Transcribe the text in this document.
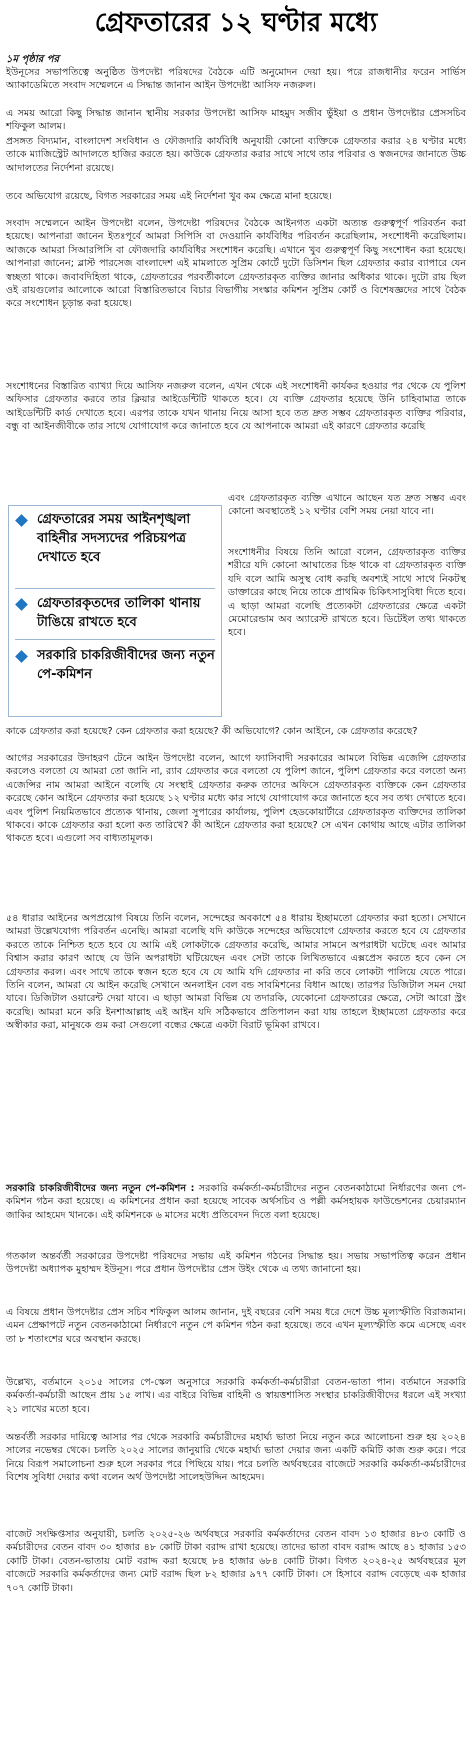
গ্রেফতারের ১২ ঘণ্টার মধ্যে
১ম পৃষ্ঠার পর

ইউনূসের সভাপতিত্বে অনুষ্ঠিত উপদেষ্টা পরিষদের বৈঠকে এটি অনুমোদন দেয়া হয়। পরে রাজধানীর ফরেন সার্ভিস অ্যাকাডেমিতে সংবাদ সম্মেলনে এ সিদ্ধান্ত জানান আইন উপদেষ্টা আসিফ নজরুল।

এ সময় আরো কিছু সিদ্ধান্ত জানান স্থানীয় সরকার উপদেষ্টা আসিফ মাহমুদ সজীব ভুঁইয়া ও প্রধান উপদেষ্টার প্রেসসচিব শফিকুল আলম।

প্রসঙ্গত বিদ্যমান, বাংলাদেশ সংবিধান ও ফৌজদারি কার্যবিধি অনুযায়ী কোনো ব্যক্তিকে গ্রেফতার করার ২৪ ঘণ্টার মধ্যে তাকে ম্যাজিস্ট্রেট আদালতে হাজির করতে হয়। কাউকে গ্রেফতার করার সাথে সাথে তার পরিবার ও স্বজনদের জানাতে উচ্চ আদালতের নির্দেশনা রয়েছে।

তবে অভিযোগ রয়েছে, বিগত সরকারের সময় এই নির্দেশনা খুব কম ক্ষেত্রে মানা হয়েছে।

সংবাদ সম্মেলনে আইন উপদেষ্টা বলেন, উপদেষ্টা পরিষদের বৈঠকে আইনগত একটা অত্যন্ত গুরুত্বপূর্ণ পরিবর্তন করা হয়েছে। আপনারা জানেন ইতঃপূর্বে আমরা সিপিসি বা দেওয়ানি কার্যবিধির পরিবর্তন করেছিলাম, সংশোধনী করেছিলাম। আজকে আমরা সিআরপিসি বা ফৌজদারি কার্যবিধির সংশোধন করেছি। এখানে খুব গুরুত্বপূর্ণ কিছু সংশোধন করা হয়েছে। আপনারা জানেন; ব্লাস্ট পারসেজ বাংলাদেশ এই মামলাতে সুপ্রিম কোর্টে দুটো ডিসিশন ছিল গ্রেফতার করার ব্যাপারে যেন স্বচ্ছতা থাকে। জবাবদিহিতা থাকে, গ্রেফতারের পরবর্তীকালে গ্রেফতারকৃত ব্যক্তির জানার অধিকার থাকে। দুটো রায় ছিল ওই রায়গুলোর আলোকে আরো বিস্তারিতভাবে বিচার বিভাগীয় সংস্কার কমিশন সুপ্রিম কোর্ট ও বিশেষজ্ঞদের সাথে বৈঠক করে সংশোধন চূড়ান্ত করা হয়েছে।

সংশোধনের বিস্তারিত ব্যাখ্যা দিয়ে আসিফ নজরুল বলেন, এখন থেকে এই সংশোধনী কার্যকর হওয়ার পর থেকে যে পুলিশ অফিসার গ্রেফতার করবে তার ক্লিয়ার আইডেন্টিটি থাকতে হবে। যে ব্যক্তি গ্রেফতার হয়েছে উনি চাহিবামাত্র তাকে আইডেন্টিটি কার্ড দেখাতে হবে। এরপর তাকে যখন থানায় নিয়ে আসা হবে তত দ্রুত সম্ভব গ্রেফতারকৃত ব্যক্তির পরিবার, বন্ধু বা আইনজীবীকে তার সাথে যোগাযোগ করে জানাতে হবে যে আপনাকে আমরা এই কারণে গ্রেফতার করেছি

গ্রেফতারের সময় আইনশৃঙ্খলা বাহিনীর সদস্যদের পরিচয়পত্র দেখাতে হবে
গ্রেফতারকৃতদের তালিকা থানায় টাঙিয়ে রাখতে হবে
সরকারি চাকরিজীবীদের জন্য নতুন পে-কমিশন

এবং গ্রেফতারকৃত ব্যক্তি এখানে আছেন যত দ্রুত সম্ভব এবং কোনো অবস্থাতেই ১২ ঘণ্টার বেশি সময় নেয়া যাবে না।

সংশোধনীর বিষয়ে তিনি আরো বলেন, গ্রেফতারকৃত ব্যক্তির শরীরে যদি কোনো আঘাতের চিহ্ন থাকে বা গ্রেফতারকৃত ব্যক্তি যদি বলে আমি অসুস্থ বোধ করছি অবশ্যই সাথে সাথে নিকটস্থ ডাক্তারের কাছে নিয়ে তাকে প্রাথমিক চিকিৎসাসুবিধা দিতে হবে। এ ছাড়া আমরা বলেছি প্রত্যেকটা গ্রেফতারের ক্ষেত্রে একটা মেমোরেন্ডাম অব অ্যারেস্ট রাখতে হবে। ডিটেইল তথ্য থাকতে হবে।

কাকে গ্রেফতার করা হয়েছে? কেন গ্রেফতার করা হয়েছে? কী অভিযোগে? কোন আইনে, কে গ্রেফতার করেছে?

আগের সরকারের উদাহরণ টেনে আইন উপদেষ্টা বলেন, আগে ফ্যাসিবাদী সরকারের আমলে বিভিন্ন এজেন্সি গ্রেফতার করলেও বলতো যে আমরা তো জানি না, র‌্যাব গ্রেফতার করে বলতো যে পুলিশ জানে, পুলিশ গ্রেফতার করে বলতো অন্য এজেন্সির নাম আমরা আইনে বলেছি যে সংস্থাই গ্রেফতার করুক তাদের অফিসে গ্রেফতারকৃত ব্যক্তিকে কেন গ্রেফতার করেছে কোন আইনে গ্রেফতার করা হয়েছে ১২ ঘণ্টার মধ্যে কার সাথে যোগাযোগ করে জানাতে হবে সব তথ্য দেখাতে হবে। এবং পুলিশ নিয়মিতভাবে প্রত্যেক থানায়, জেলা সুপারের কার্যালয়, পুলিশ হেডকোয়ার্টারে গ্রেফতারকৃত ব্যক্তিদের তালিকা থাকবে। কাকে গ্রেফতার করা হলো কত তারিখে? কী আইনে গ্রেফতার করা হয়েছে? সে এখন কোথায় আছে এটার তালিকা থাকতে হবে। এগুলো সব বাধ্যতামূলক।

৫৪ ধারার আইনের অপপ্রয়োগ বিষয়ে তিনি বলেন, সন্দেহের অবকাশে ৫৪ ধারায় ইচ্ছামতো গ্রেফতার করা হতো। সেখানে আমরা উল্লেখযোগ্য পরিবর্তন এনেছি। আমরা বলেছি যদি কাউকে সন্দেহের অভিযোগে গ্রেফতার করতে হবে যে গ্রেফতার করতে তাকে নিশ্চিত হতে হবে যে আমি এই লোকটাকে গ্রেফতার করেছি, আমার সামনে অপরাধটা ঘটেছে এবং আমার বিশ্বাস করার কারণ আছে যে উনি অপরাধটা ঘটিয়েছেন এবং সেটা তাকে লিখিতভাবে এক্সপ্রেস করতে হবে কেন সে গ্রেফতার করল। এবং সাথে তাকে স্বজন হতে হবে যে যে আমি যদি গ্রেফতার না করি তবে লোকটা পালিয়ে যেতে পারে। তিনি বলেন, আমরা যে আইন করেছি সেখানে অনলাইন বেল বন্ড সাবমিশনের বিধান আছে। তারপর ডিজিটাল সমন দেয়া যাবে। ডিজিটাল ওয়ারেন্ট দেয়া যাবে। এ ছাড়া আমরা বিভিন্ন যে তদারকি, যেকোনো গ্রেফতারের ক্ষেত্রে, সেটা আরো স্ট্রং করেছি। আমরা মনে করি ইনশাআল্লাহ এই আইন যদি সঠিকভাবে প্রতিপালন করা যায় তাহলে ইচ্ছামতো গ্রেফতার করে অস্বীকার করা, মানুষকে গুম করা সেগুলো বন্ধের ক্ষেত্রে একটা বিরাট ভূমিকা রাখবে।

সরকারি চাকরিজীবীদের জন্য নতুন পে-কমিশন : সরকারি কর্মকর্তা-কর্মচারীদের নতুন বেতনকাঠামো নির্ধারণের জন্য পে-কমিশন গঠন করা হয়েছে। এ কমিশনের প্রধান করা হয়েছে সাবেক অর্থসচিব ও পল্লী কর্মসহায়ক ফাউন্ডেশনের চেয়ারম্যান জাকির আহমেদ খানকে। এই কমিশনকে ৬ মাসের মধ্যে প্রতিবেদন দিতে বলা হয়েছে।

গতকাল অন্তর্বর্তী সরকারের উপদেষ্টা পরিষদের সভায় এই কমিশন গঠনের সিদ্ধান্ত হয়। সভায় সভাপতিত্ব করেন প্রধান উপদেষ্টা অধ্যাপক মুহাম্মদ ইউনূস। পরে প্রধান উপদেষ্টার প্রেস উইং থেকে এ তথ্য জানানো হয়।

এ বিষয়ে প্রধান উপদেষ্টার প্রেস সচিব শফিকুল আলম জানান, দুই বছরের বেশি সময় ধরে দেশে উচ্চ মূল্যস্ফীতি বিরাজমান। এমন প্রেক্ষাপটে নতুন বেতনকাঠামো নির্ধারণে নতুন পে কমিশন গঠন করা হয়েছে। তবে এখন মূল্যস্ফীতি কমে এসেছে এবং তা ৮ শতাংশের ঘরে অবস্থান করছে।

উল্লেখ্য, বর্তমানে ২০১৫ সালের পে-স্কেল অনুসারে সরকারি কর্মকর্তা-কর্মচারীরা বেতন-ভাতা পান। বর্তমানে সরকারি কর্মকর্তা-কর্মচারী আছেন প্রায় ১৫ লাখ। এর বাইরে বিভিন্ন বাহিনী ও স্বায়ত্তশাসিত সংস্থার চাকরিজীবীদের ধরলে এই সংখ্যা ২১ লাখের মতো হবে।

অন্তর্বর্তী সরকার দায়িত্বে আসার পর থেকে সরকারি কর্মচারীদের মহার্ঘ্য ভাতা নিয়ে নতুন করে আলোচনা শুরু হয় ২০২৪ সালের নভেম্বর থেকে। চলতি ২০২৫ সালের জানুয়ারি থেকে মহার্ঘ্য ভাতা দেয়ার জন্য একটি কমিটি কাজ শুরু করে। পরে নিয়ে বিরূপ সমালোচনা শুরু হলে সরকার পরে পিছিয়ে যায়। পরে চলতি অর্থবছরের বাজেটে সরকারি কর্মকর্তা-কর্মচারীদের বিশেষ সুবিধা দেয়ার কথা বলেন অর্থ উপদেষ্টা সালেহউদ্দিন আহমেদ।

বাজেট সংক্ষিপ্তসার অনুযায়ী, চলতি ২০২৫-২৬ অর্থবছরে সরকারি কর্মকর্তাদের বেতন বাবদ ১৩ হাজার ৪৮৩ কোটি ও কর্মচারীদের বেতন বাবদ ৩০ হাজার ৪৮ কোটি টাকা বরাদ্দ রাখা হয়েছে। তাদের ভাতা বাবদ বরাদ্দ আছে ৪১ হাজার ১৫৩ কোটি টাকা। বেতন-ভাতায় মোট বরাদ্দ করা হয়েছে ৮৪ হাজার ৬৮৪ কোটি টাকা। বিগত ২০২৪-২৫ অর্থবছরের মূল বাজেটে সরকারি কর্মকর্তাদের জন্য মোট বরাদ্দ ছিল ৮২ হাজার ৯৭৭ কোটি টাকা। সে হিসাবে বরাদ্দ বেড়েছে এক হাজার ৭০৭ কোটি টাকা।
